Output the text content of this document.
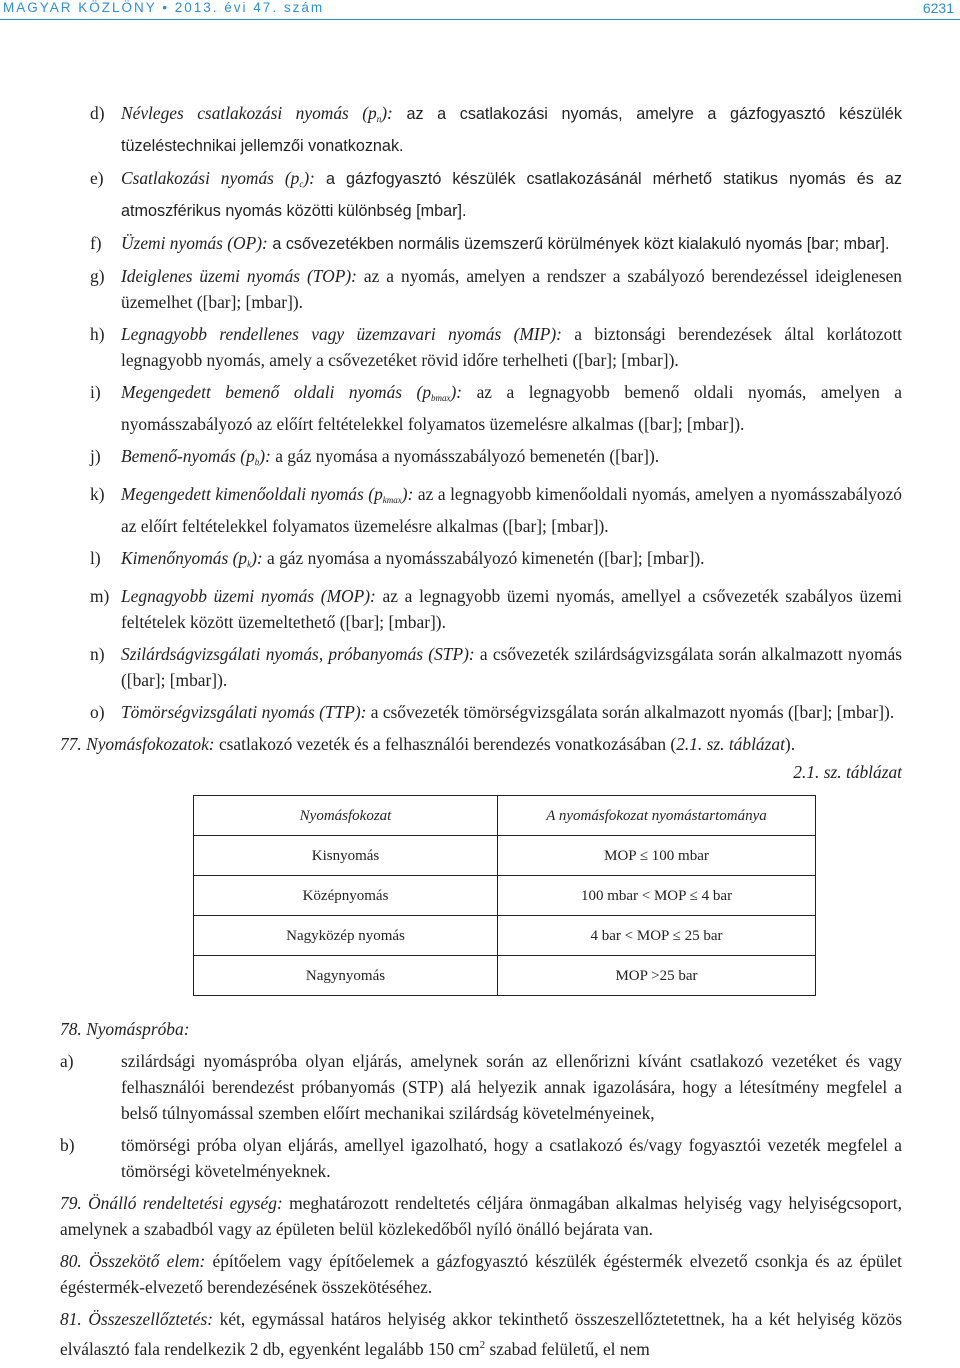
MAGYAR KÖZLÖNY • 2013. évi 47. szám	6231
d) Névleges csatlakozási nyomás $(p_n)$: az a csatlakozási nyomás, amelyre a gázfogyasztó készülék tüzeléstechnikai jellemzői vonatkoznak.
e) Csatlakozási nyomás $(p_c)$: a gázfogyasztó készülék csatlakozásánál mérhető statikus nyomás és az atmoszférikus nyomás közötti különbség [mbar].
f) Üzemi nyomás (OP): a csővezetékben normális üzemszerű körülmények közt kialakuló nyomás [bar; mbar].
g) Ideiglenes üzemi nyomás (TOP): az a nyomás, amelyen a rendszer a szabályozó berendezéssel ideiglenesen üzemelhet ([bar]; [mbar]).
h) Legnagyobb rendellenes vagy üzemzavari nyomás (MIP): a biztonsági berendezések által korlátozott legnagyobb nyomás, amely a csővezetéket rövid időre terhelheti ([bar]; [mbar]).
i) Megengedett bemenő oldali nyomás $(p_{bmax})$: az a legnagyobb bemenő oldali nyomás, amelyen a nyomásszabályozó az előírt feltételekkel folyamatos üzemelésre alkalmas ([bar]; [mbar]).
j) Bemenő-nyomás $(p_b)$: a gáz nyomása a nyomásszabályozó bemenetén ([bar]).
k) Megengedett kimenőoldali nyomás $(p_{kmax})$: az a legnagyobb kimenőoldali nyomás, amelyen a nyomásszabályozó az előírt feltételekkel folyamatos üzemelésre alkalmas ([bar]; [mbar]).
l) Kimenőnyomás $(p_k)$: a gáz nyomása a nyomásszabályozó kimenetén ([bar]; [mbar]).
m) Legnagyobb üzemi nyomás (MOP): az a legnagyobb üzemi nyomás, amellyel a csővezeték szabályos üzemi feltételek között üzemeltethető ([bar]; [mbar]).
n) Szilárdságvizsgálati nyomás, próbanyomás (STP): a csővezeték szilárdságvizsgálata során alkalmazott nyomás ([bar]; [mbar]).
o) Tömörségvizsgálati nyomás (TTP): a csővezeték tömörségvizsgálata során alkalmazott nyomás ([bar]; [mbar]).
77. Nyomásfokozatok: csatlakozó vezeték és a felhasználói berendezés vonatkozásában (2.1. sz. táblázat).
2.1. sz. táblázat
Nyomásfokozat	A nyomásfokozat nyomástartománya
Kisnyomás	MOP ≤ 100 mbar
Középnyomás	100 mbar < MOP ≤ 4 bar
Nagyközép nyomás	4 bar < MOP ≤ 25 bar
Nagynyomás	MOP >25 bar
78. Nyomáspróba:
a)	szilárdsági nyomáspróba olyan eljárás, amelynek során az ellenőrizni kívánt csatlakozó vezetéket és vagy felhasználói berendezést próbanyomás (STP) alá helyezik annak igazolására, hogy a létesítmény megfelel a belső túlnyomással szemben előírt mechanikai szilárdság követelményeinek,
b)	tömörségi próba olyan eljárás, amellyel igazolható, hogy a csatlakozó és/vagy fogyasztói vezeték megfelel a tömörségi követelményeknek.
79. Önálló rendeltetési egység: meghatározott rendeltetés céljára önmagában alkalmas helyiség vagy helyiségcsoport, amelynek a szabadból vagy az épületen belül közlekedőből nyíló önálló bejárata van.
80. Összekötő elem: építőelem vagy építőelemek a gázfogyasztó készülék égéstermék elvezető csonkja és az épület égéstermék-elvezető berendezésének összekötéséhez.
81. Összeszellőztetés: két, egymással határos helyiség akkor tekinthető összeszellőztetettnek, ha a két helyiség közös elválasztó fala rendelkezik 2 db, egyenként legalább 150 $cm^2$ szabad felületű, el nem
